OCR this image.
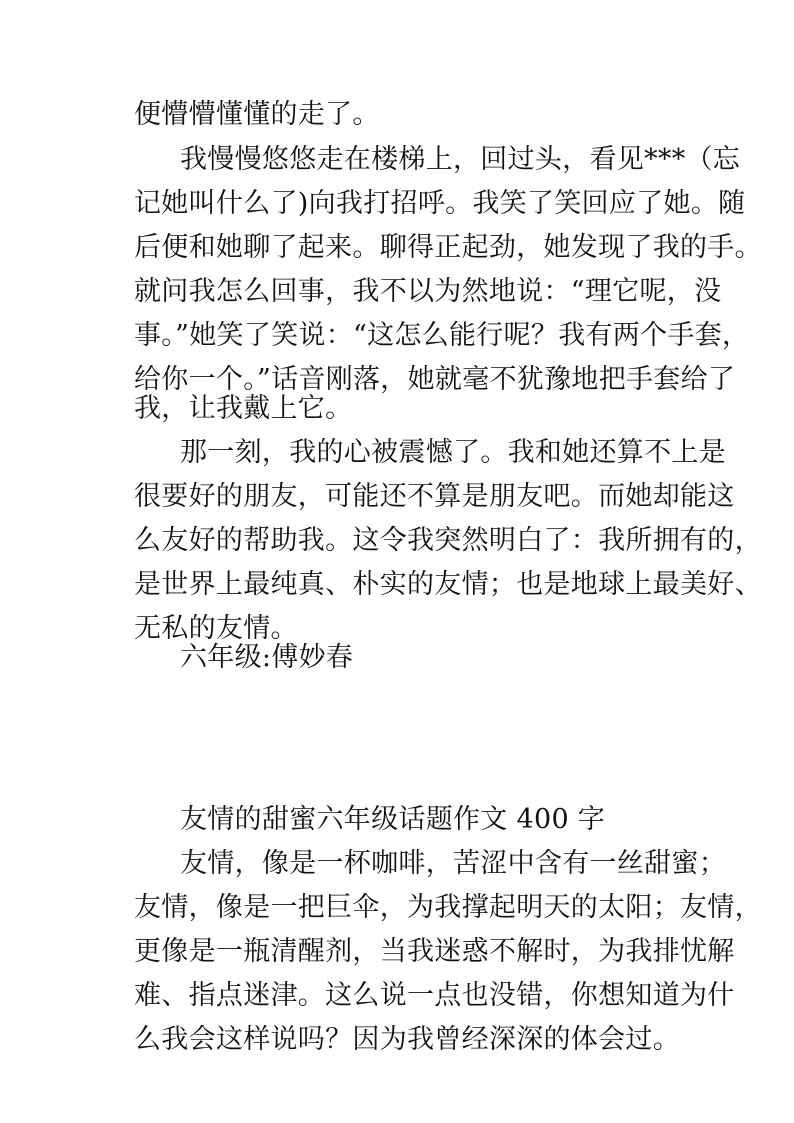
便懵懵懂懂的走了。
我慢慢悠悠走在楼梯上，回过头，看见***（忘
记她叫什么了)向我打招呼。我笑了笑回应了她。随
后便和她聊了起来。聊得正起劲，她发现了我的手。
就问我怎么回事，我不以为然地说：“理它呢，没
事。”她笑了笑说：“这怎么能行呢？我有两个手套，
给你一个。”话音刚落，她就毫不犹豫地把手套给了
我，让我戴上它。
那一刻，我的心被震憾了。我和她还算不上是
很要好的朋友，可能还不算是朋友吧。而她却能这
么友好的帮助我。这令我突然明白了：我所拥有的，
是世界上最纯真、朴实的友情；也是地球上最美好、
无私的友情。
六年级:傅妙春
友情的甜蜜六年级话题作文 400 字
友情，像是一杯咖啡，苦涩中含有一丝甜蜜；
友情，像是一把巨伞，为我撑起明天的太阳；友情，
更像是一瓶清醒剂，当我迷惑不解时，为我排忧解
难、指点迷津。这么说一点也没错，你想知道为什
么我会这样说吗？因为我曾经深深的体会过。
